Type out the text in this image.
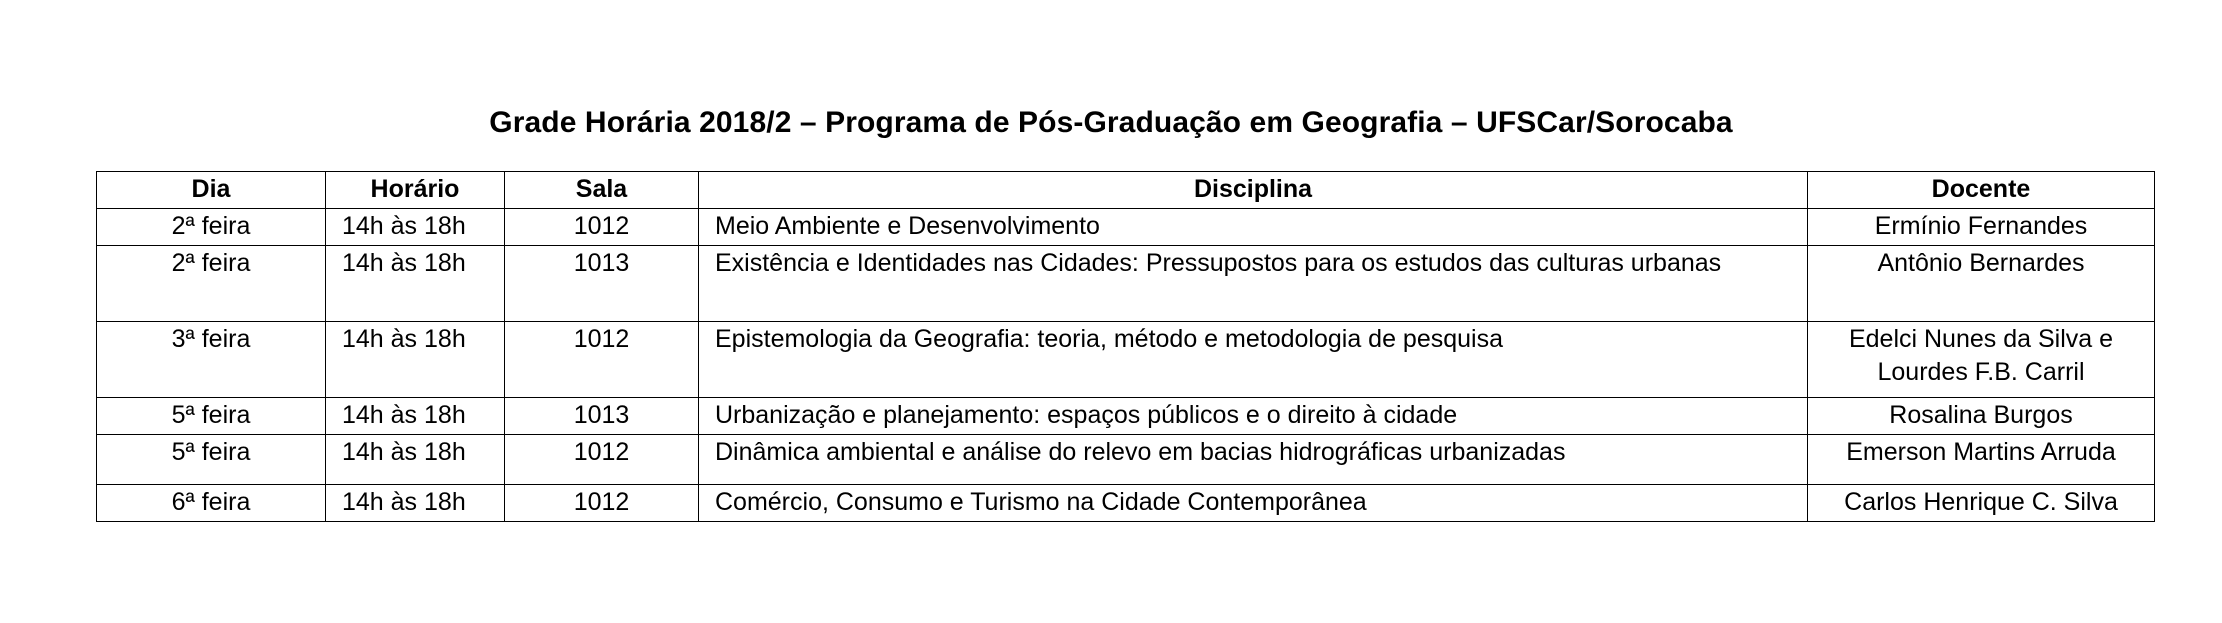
Grade Horária 2018/2 – Programa de Pós-Graduação em Geografia – UFSCar/Sorocaba
Dia	Horário	Sala	Disciplina	Docente
2ª feira	14h às 18h	1012	Meio Ambiente e Desenvolvimento	Ermínio Fernandes
2ª feira	14h às 18h	1013	Existência e Identidades nas Cidades: Pressupostos para os estudos das culturas urbanas	Antônio Bernardes
3ª feira	14h às 18h	1012	Epistemologia da Geografia: teoria, método e metodologia de pesquisa	Edelci Nunes da Silva e Lourdes F.B. Carril
5ª feira	14h às 18h	1013	Urbanização e planejamento: espaços públicos e o direito à cidade	Rosalina Burgos
5ª feira	14h às 18h	1012	Dinâmica ambiental e análise do relevo em bacias hidrográficas urbanizadas	Emerson Martins Arruda
6ª feira	14h às 18h	1012	Comércio, Consumo e Turismo na Cidade Contemporânea	Carlos Henrique C. Silva
